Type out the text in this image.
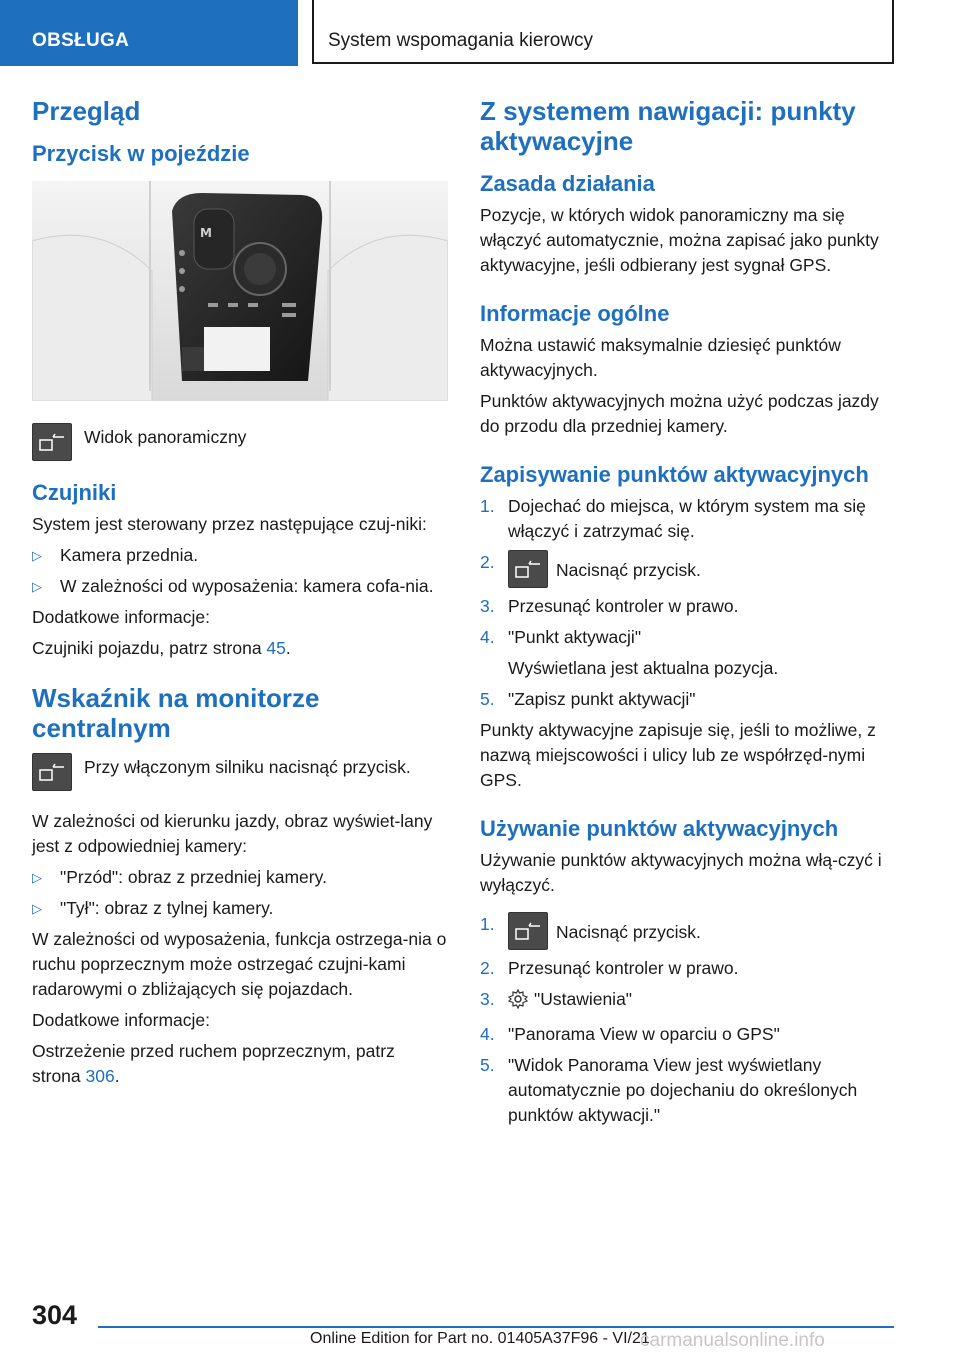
OBSŁUGA	System wspomagania kierowcy
Przegląd
Przycisk w pojeździe
M
Widok panoramiczny
Czujniki

System jest sterowany przez następujące czuj‐niki:

▷ Kamera przednia.
▷ W zależności od wyposażenia: kamera cofa‐nia.

Dodatkowe informacje:

Czujniki pojazdu, patrz strona 45.

Wskaźnik na monitorze centralnym
Przy włączonym silniku nacisnąć przycisk.

W zależności od kierunku jazdy, obraz wyświet‐lany jest z odpowiedniej kamery:

▷ "Przód": obraz z przedniej kamery.
▷ "Tył": obraz z tylnej kamery.

W zależności od wyposażenia, funkcja ostrzega‐nia o ruchu poprzecznym może ostrzegać czujni‐kami radarowymi o zbliżających się pojazdach.

Dodatkowe informacje:

Ostrzeżenie przed ruchem poprzecznym, patrz strona 306.

Z systemem nawigacji: punkty aktywacyjne
Zasada działania

Pozycje, w których widok panoramiczny ma się włączyć automatycznie, można zapisać jako punkty aktywacyjne, jeśli odbierany jest sygnał GPS.

Informacje ogólne

Można ustawić maksymalnie dziesięć punktów aktywacyjnych.

Punktów aktywacyjnych można użyć podczas jazdy do przodu dla przedniej kamery.

Zapisywanie punktów aktywacyjnych
1. Dojechać do miejsca, w którym system ma się włączyć i zatrzymać się.
2.	Nacisnąć przycisk.
3. Przesunąć kontroler w prawo.
4. "Punkt aktywacji"
Wyświetlana jest aktualna pozycja.
5. "Zapisz punkt aktywacji"

Punkty aktywacyjne zapisuje się, jeśli to możliwe, z nazwą miejscowości i ulicy lub ze współrzęd‐nymi GPS.

Używanie punktów aktywacyjnych

Używanie punktów aktywacyjnych można włą‐czyć i wyłączyć.

1.	Nacisnąć przycisk.
2. Przesunąć kontroler w prawo.
3. "Ustawienia"
4. "Panorama View w oparciu o GPS"
5. "Widok Panorama View jest wyświetlany automatycznie po dojechaniu do określonych punktów aktywacji."
304
Online Edition for Part no. 01405A37F96 - VI/21
carmanualsonline.info
